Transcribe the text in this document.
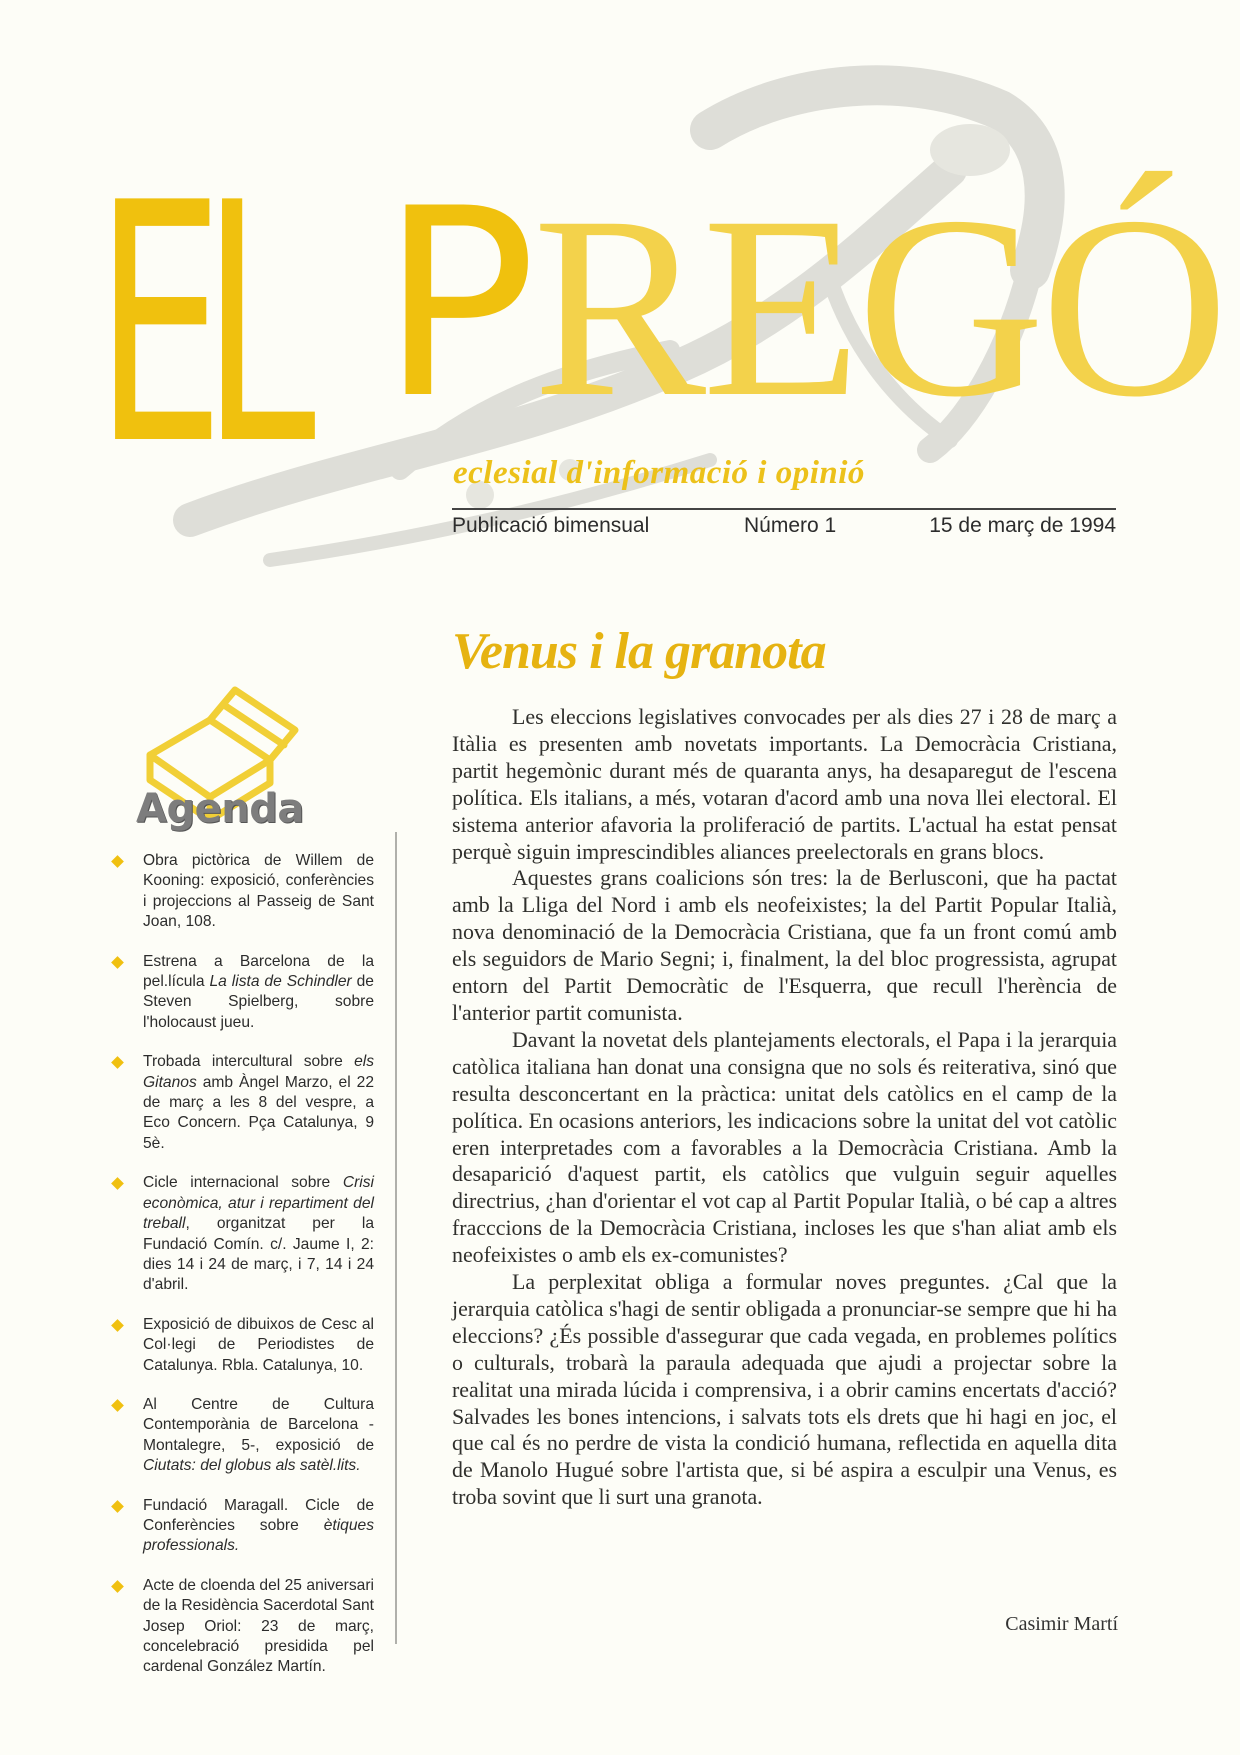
EL PREGÓ

eclesial d'informació i opinió

Publicació bimensual	Número 1	15 de març de 1994
Venus i la granota

Les eleccions legislatives convocades per als dies 27 i 28 de març a Itàlia es presenten amb novetats importants. La Democràcia Cristiana, partit hegemònic durant més de quaranta anys, ha desaparegut de l'escena política. Els italians, a més, votaran d'acord amb una nova llei electoral. El sistema anterior afavoria la proliferació de partits. L'actual ha estat pensat perquè siguin imprescindibles aliances preelectorals en grans blocs.

Aquestes grans coalicions són tres: la de Berlusconi, que ha pactat amb la Lliga del Nord i amb els neofeixistes; la del Partit Popular Italià, nova denominació de la Democràcia Cristiana, que fa un front comú amb els seguidors de Mario Segni; i, finalment, la del bloc progressista, agrupat entorn del Partit Democràtic de l'Esquerra, que recull l'herència de l'anterior partit comunista.

Davant la novetat dels plantejaments electorals, el Papa i la jerarquia catòlica italiana han donat una consigna que no sols és reiterativa, sinó que resulta desconcertant en la pràctica: unitat dels catòlics en el camp de la política. En ocasions anteriors, les indicacions sobre la unitat del vot catòlic eren interpretades com a favorables a la Democràcia Cristiana. Amb la desaparició d'aquest partit, els catòlics que vulguin seguir aquelles directrius, ¿han d'orientar el vot cap al Partit Popular Italià, o bé cap a altres fracccions de la Democràcia Cristiana, incloses les que s'han aliat amb els neofeixistes o amb els ex-comunistes?

La perplexitat obliga a formular noves preguntes. ¿Cal que la jerarquia catòlica s'hagi de sentir obligada a pronunciar-se sempre que hi ha eleccions? ¿És possible d'assegurar que cada vegada, en problemes polítics o culturals, trobarà la paraula adequada que ajudi a projectar sobre la realitat una mirada lúcida i comprensiva, i a obrir camins encertats d'acció? Salvades les bones intencions, i salvats tots els drets que hi hagi en joc, el que cal és no perdre de vista la condició humana, reflectida en aquella dita de Manolo Hugué sobre l'artista que, si bé aspira a esculpir una Venus, es troba sovint que li surt una granota.

Casimir Martí

Agenda
Obra pictòrica de Willem de Kooning: exposició, conferències i projeccions al Passeig de Sant Joan, 108.
Estrena a Barcelona de la pel.lícula La lista de Schindler de Steven Spielberg, sobre l'holocaust jueu.
Trobada intercultural sobre els Gitanos amb Àngel Marzo, el 22 de març a les 8 del vespre, a Eco Concern. Pça Catalunya, 9 5è.
Cicle internacional sobre Crisi econòmica, atur i repartiment del treball, organitzat per la Fundació Comín. c/. Jaume I, 2: dies 14 i 24 de març, i 7, 14 i 24 d'abril.
Exposició de dibuixos de Cesc al Col·legi de Periodistes de Catalunya. Rbla. Catalunya, 10.
Al Centre de Cultura Contemporània de Barcelona -Montalegre, 5-, exposició de Ciutats: del globus als satèl.lits.
Fundació Maragall. Cicle de Conferències sobre ètiques professionals.
Acte de cloenda del 25 aniversari de la Residència Sacerdotal Sant Josep Oriol: 23 de març, concelebració presidida pel cardenal González Martín.
